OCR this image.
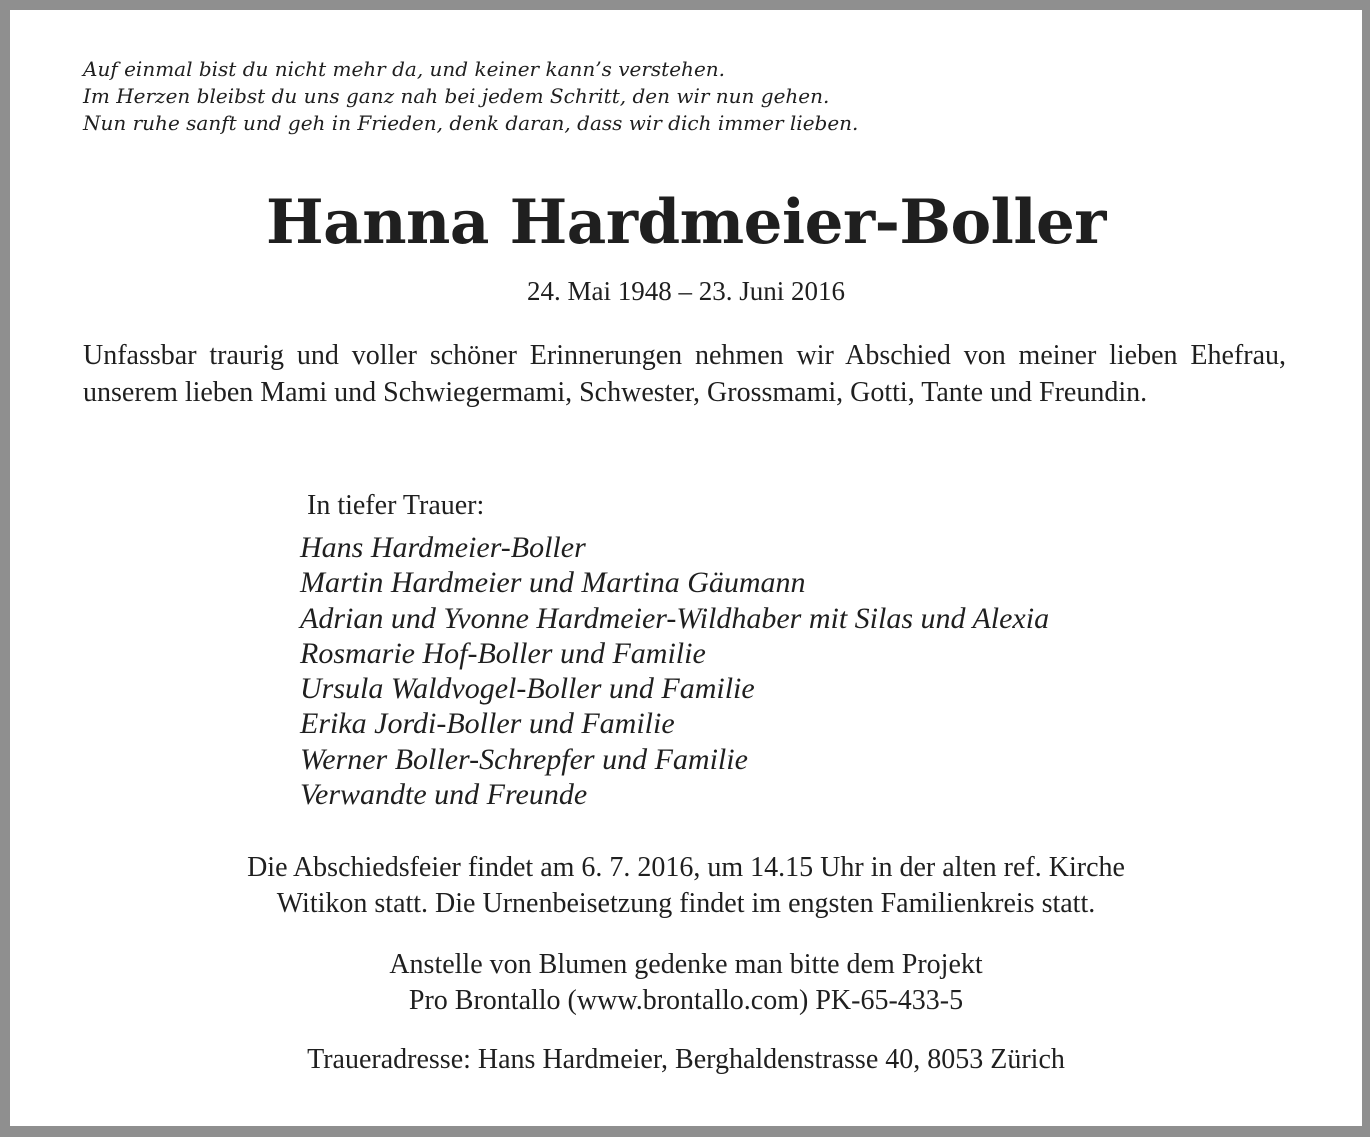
Auf einmal bist du nicht mehr da, und keiner kann’s verstehen.
Im Herzen bleibst du uns ganz nah bei jedem Schritt, den wir nun gehen.
Nun ruhe sanft und geh in Frieden, denk daran, dass wir dich immer lieben.
Hanna Hardmeier-Boller
24. Mai 1948 – 23. Juni 2016
Unfassbar traurig und voller schöner Erinnerungen nehmen wir Abschied von meiner lieben Ehefrau, unserem lieben Mami und Schwiegermami, Schwester, Grossmami, Gotti, Tante und Freundin.
In tiefer Trauer:
Hans Hardmeier-Boller
Martin Hardmeier und Martina Gäumann
Adrian und Yvonne Hardmeier-Wildhaber mit Silas und Alexia
Rosmarie Hof-Boller und Familie
Ursula Waldvogel-Boller und Familie
Erika Jordi-Boller und Familie
Werner Boller-Schrepfer und Familie
Verwandte und Freunde
Die Abschiedsfeier findet am 6. 7. 2016, um 14.15 Uhr in der alten ref. Kirche
Witikon statt. Die Urnenbeisetzung findet im engsten Familienkreis statt.
Anstelle von Blumen gedenke man bitte dem Projekt
Pro Brontallo (www.brontallo.com) PK-65-433-5
Traueradresse: Hans Hardmeier, Berghaldenstrasse 40, 8053 Zürich
